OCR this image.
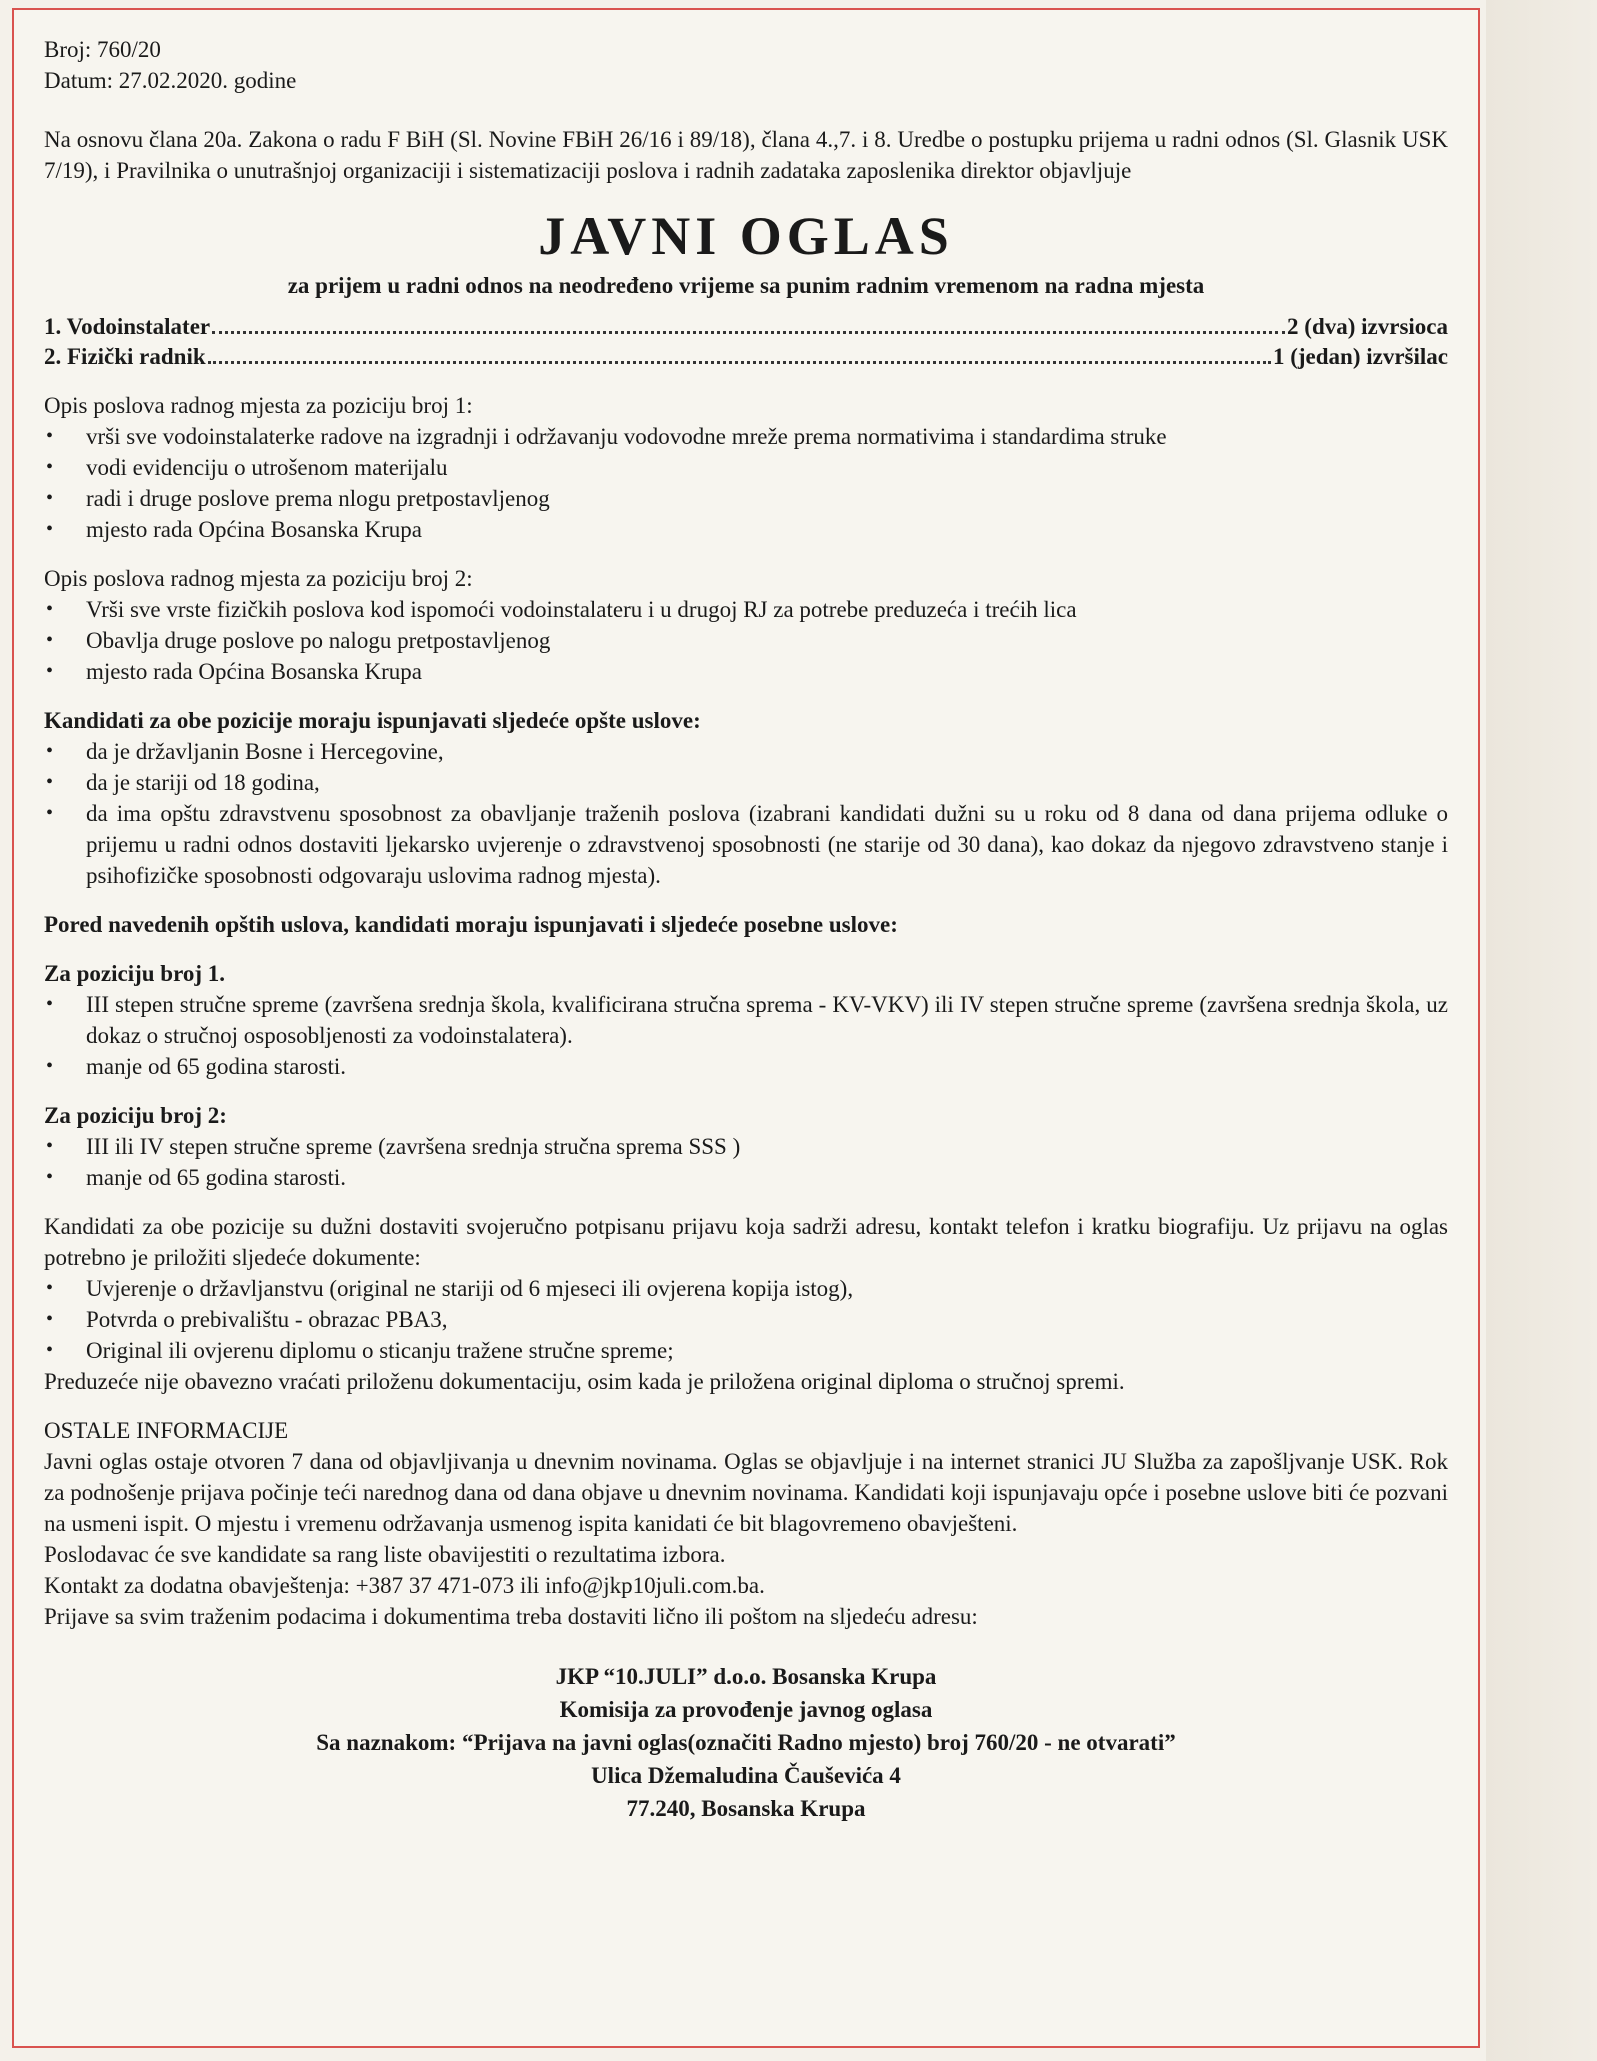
Broj: 760/20

Datum: 27.02.2020. godine

Na osnovu člana 20a. Zakona o radu F BiH (Sl. Novine FBiH 26/16 i 89/18), člana 4.,7. i 8. Uredbe o postupku prijema u radni odnos (Sl. Glasnik USK 7/19), i Pravilnika o unutrašnjoj organizaciji i sistematizaciji poslova i radnih zadataka zaposlenika direktor objavljuje

JAVNI OGLAS
za prijem u radni odnos na neodređeno vrijeme sa punim radnim vremenom na radna mjesta
1. Vodoinstalater	2 (dva) izvrsioca
2. Fizički radnik	1 (jedan) izvršilac

Opis poslova radnog mjesta za poziciju broj 1:

• vrši sve vodoinstalaterke radove na izgradnji i održavanju vodovodne mreže prema normativima i standardima struke
• vodi evidenciju o utrošenom materijalu
• radi i druge poslove prema nlogu pretpostavljenog
• mjesto rada Općina Bosanska Krupa

Opis poslova radnog mjesta za poziciju broj 2:

• Vrši sve vrste fizičkih poslova kod ispomoći vodoinstalateru i u drugoj RJ za potrebe preduzeća i trećih lica
• Obavlja druge poslove po nalogu pretpostavljenog
• mjesto rada Općina Bosanska Krupa

Kandidati za obe pozicije moraju ispunjavati sljedeće opšte uslove:

• da je državljanin Bosne i Hercegovine,
• da je stariji od 18 godina,
• da ima opštu zdravstvenu sposobnost za obavljanje traženih poslova (izabrani kandidati dužni su u roku od 8 dana od dana prijema odluke o prijemu u radni odnos dostaviti ljekarsko uvjerenje o zdravstvenoj sposobnosti (ne starije od 30 dana), kao dokaz da njegovo zdravstveno stanje i psihofizičke sposobnosti odgovaraju uslovima radnog mjesta).

Pored navedenih opštih uslova, kandidati moraju ispunjavati i sljedeće posebne uslove:

Za poziciju broj 1.

• III stepen stručne spreme (završena srednja škola, kvalificirana stručna sprema - KV-VKV) ili IV stepen stručne spreme (završena srednja škola, uz dokaz o stručnoj osposobljenosti za vodoinstalatera).
• manje od 65 godina starosti.

Za poziciju broj 2:

• III ili IV stepen stručne spreme (završena srednja stručna sprema SSS )
• manje od 65 godina starosti.

Kandidati za obe pozicije su dužni dostaviti svojeručno potpisanu prijavu koja sadrži adresu, kontakt telefon i kratku biografiju. Uz prijavu na oglas potrebno je priložiti sljedeće dokumente:

• Uvjerenje o državljanstvu (original ne stariji od 6 mjeseci ili ovjerena kopija istog),
• Potvrda o prebivalištu - obrazac PBA3,
• Original ili ovjerenu diplomu o sticanju tražene stručne spreme;

Preduzeće nije obavezno vraćati priloženu dokumentaciju, osim kada je priložena original diploma o stručnoj spremi.

OSTALE INFORMACIJE

Javni oglas ostaje otvoren 7 dana od objavljivanja u dnevnim novinama. Oglas se objavljuje i na internet stranici JU Služba za zapošljvanje USK. Rok za podnošenje prijava počinje teći narednog dana od dana objave u dnevnim novinama. Kandidati koji ispunjavaju opće i posebne uslove biti će pozvani na usmeni ispit. O mjestu i vremenu održavanja usmenog ispita kanidati će bit blagovremeno obavješteni.

Poslodavac će sve kandidate sa rang liste obavijestiti o rezultatima izbora.

Kontakt za dodatna obavještenja: +387 37 471-073 ili info@jkp10juli.com.ba.

Prijave sa svim traženim podacima i dokumentima treba dostaviti lično ili poštom na sljedeću adresu:

JKP “10.JULI” d.o.o. Bosanska Krupa
Komisija za provođenje javnog oglasa
Sa naznakom: “Prijava na javni oglas(označiti Radno mjesto) broj 760/20 - ne otvarati”
Ulica Džemaludina Čauševića 4
77.240, Bosanska Krupa
